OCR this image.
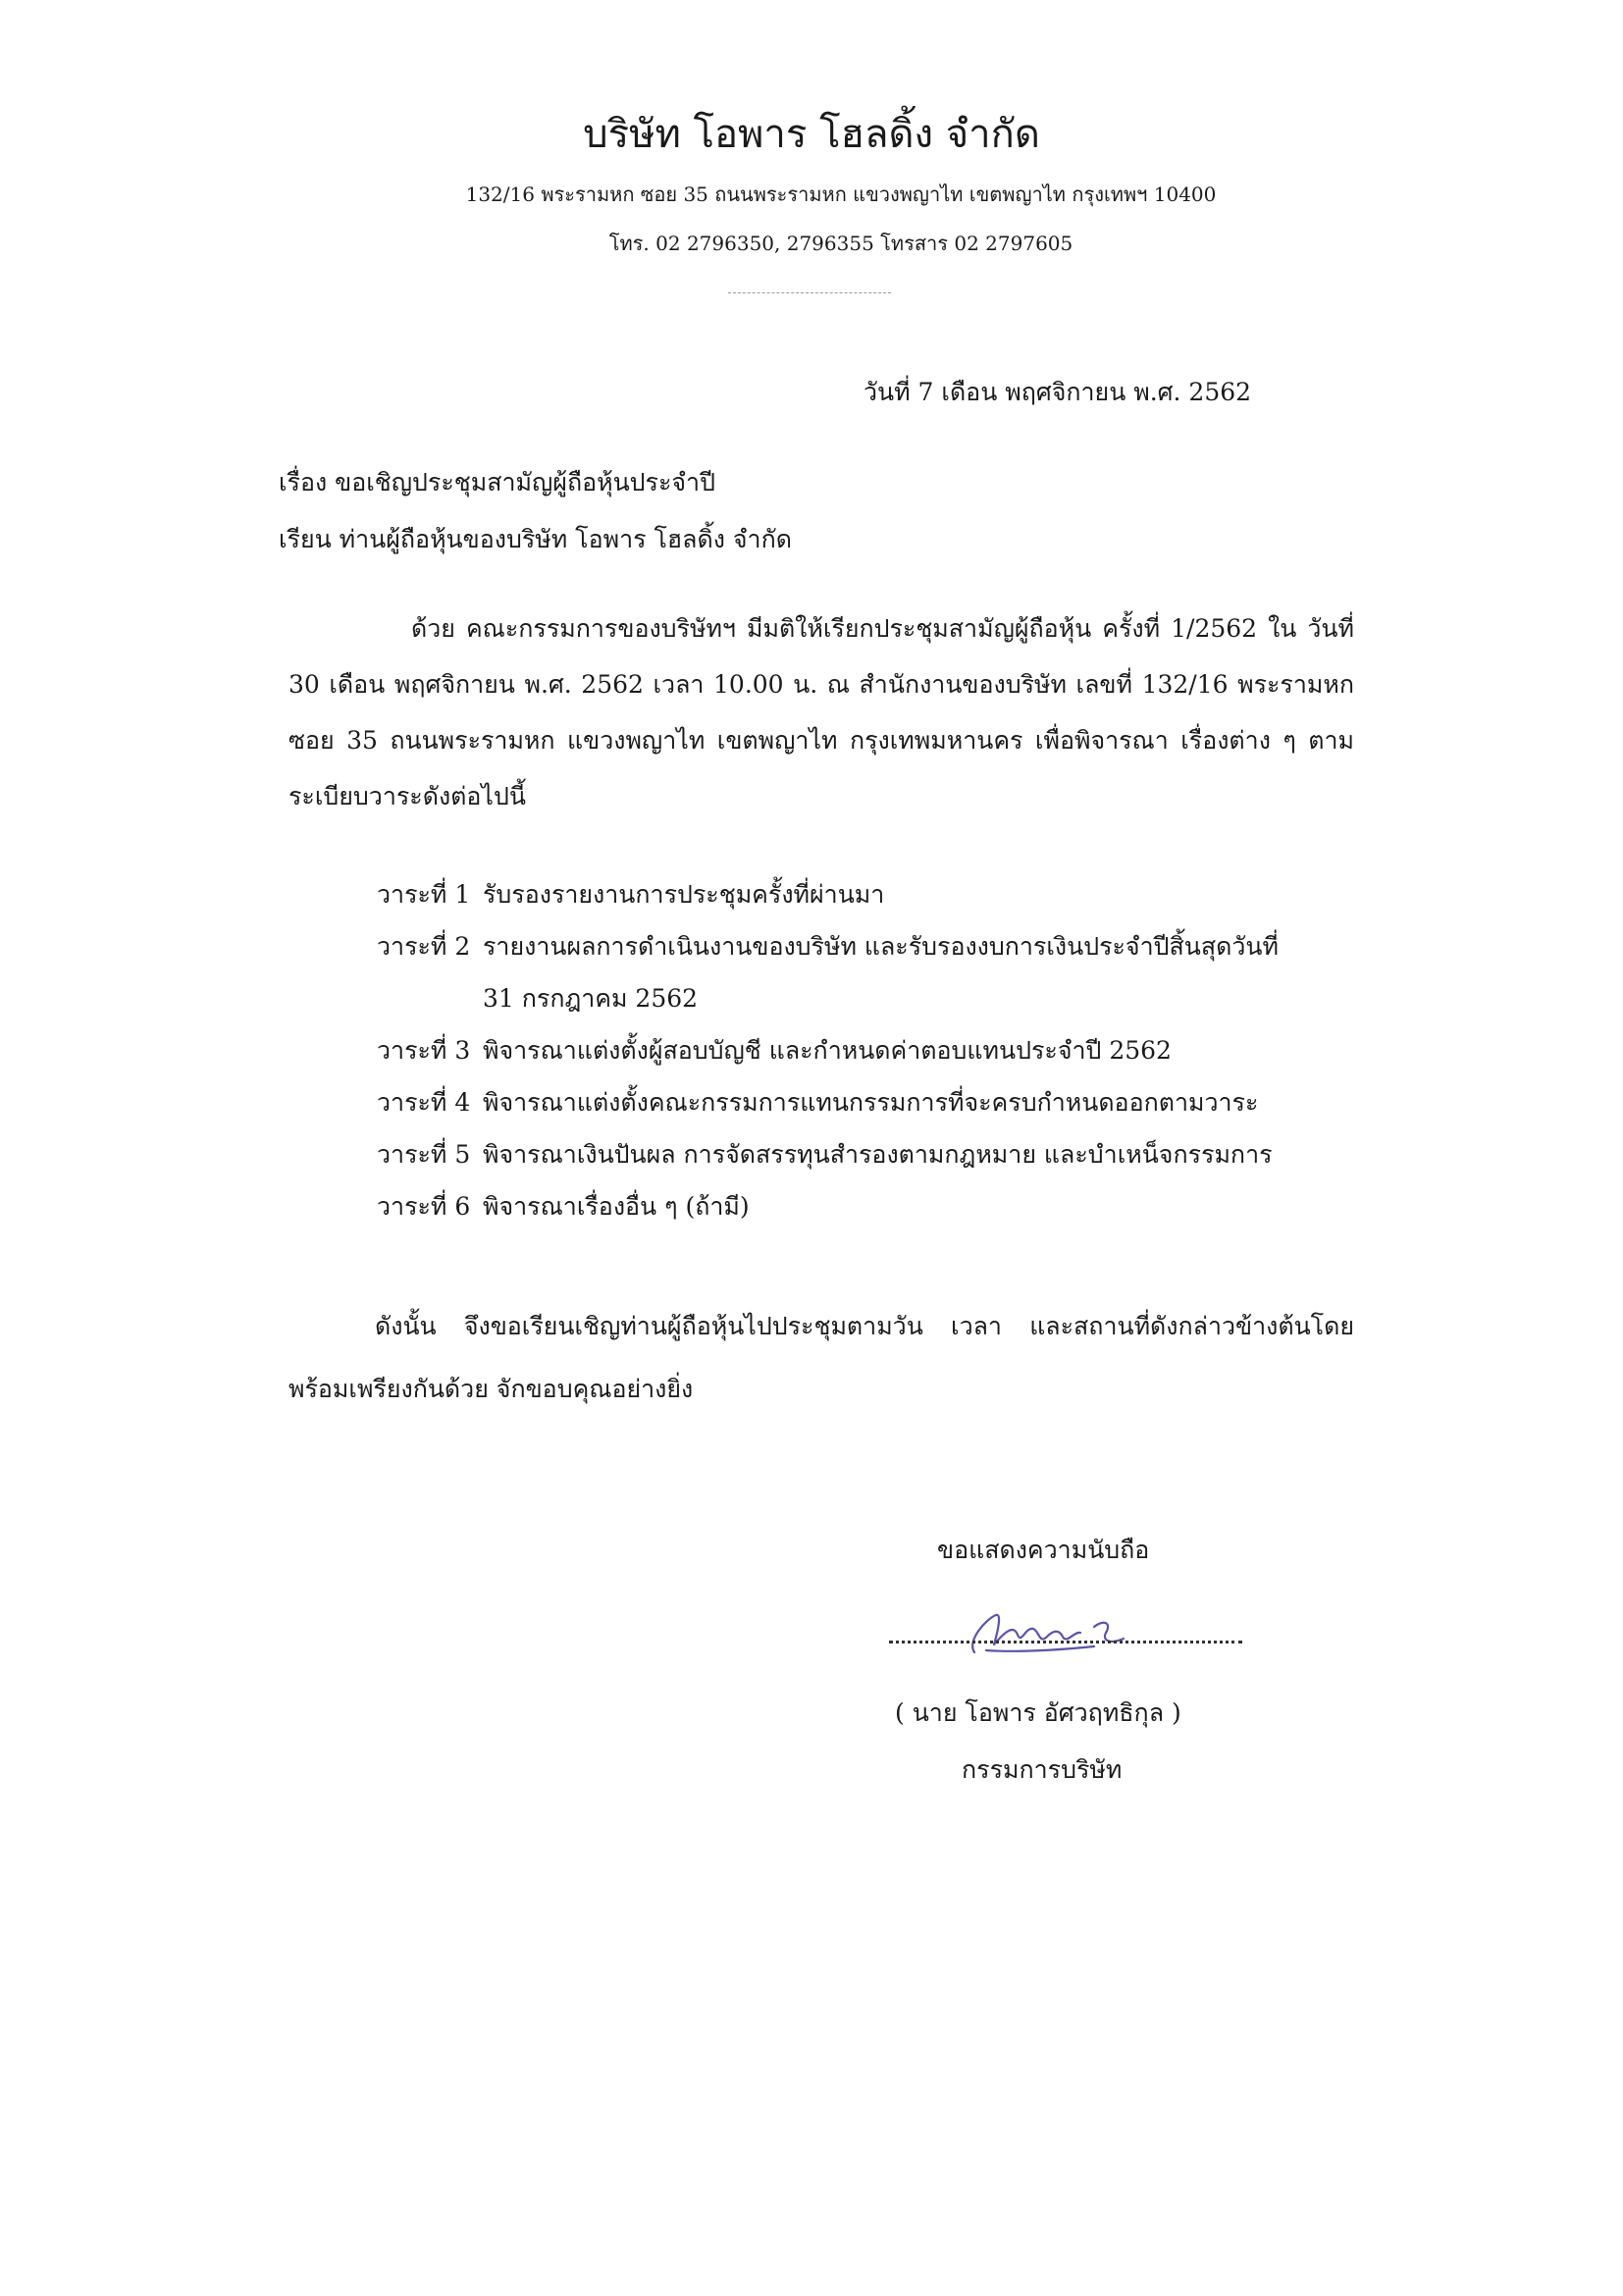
บริษัท โอพาร โฮลดิ้ง จำกัด
132/16 พระรามหก ซอย 35 ถนนพระรามหก แขวงพญาไท เขตพญาไท กรุงเทพฯ 10400
โทร. 02 2796350, 2796355 โทรสาร 02 2797605
วันที่ 7 เดือน พฤศจิกายน พ.ศ. 2562
เรื่อง ขอเชิญประชุมสามัญผู้ถือหุ้นประจำปี
เรียน ท่านผู้ถือหุ้นของบริษัท โอพาร โฮลดิ้ง จำกัด
ด้วย คณะกรรมการของบริษัทฯ มีมติให้เรียกประชุมสามัญผู้ถือหุ้น ครั้งที่ 1/2562 ใน วันที่ 30 เดือน พฤศจิกายน พ.ศ. 2562 เวลา 10.00 น. ณ สำนักงานของบริษัท เลขที่ 132/16 พระรามหก ซอย 35 ถนนพระรามหก แขวงพญาไท เขตพญาไท กรุงเทพมหานคร เพื่อพิจารณา เรื่องต่าง ๆ ตามระเบียบวาระดังต่อไปนี้
วาระที่ 1 รับรองรายงานการประชุมครั้งที่ผ่านมา
วาระที่ 2 รายงานผลการดำเนินงานของบริษัท และรับรองงบการเงินประจำปีสิ้นสุดวันที่
31 กรกฎาคม 2562
วาระที่ 3 พิจารณาแต่งตั้งผู้สอบบัญชี และกำหนดค่าตอบแทนประจำปี 2562
วาระที่ 4 พิจารณาแต่งตั้งคณะกรรมการแทนกรรมการที่จะครบกำหนดออกตามวาระ
วาระที่ 5 พิจารณาเงินปันผล การจัดสรรทุนสำรองตามกฎหมาย และบำเหน็จกรรมการ
วาระที่ 6 พิจารณาเรื่องอื่น ๆ (ถ้ามี)
ดังนั้น จึงขอเรียนเชิญท่านผู้ถือหุ้นไปประชุมตามวัน เวลา และสถานที่ดังกล่าวข้างต้นโดย พร้อมเพรียงกันด้วย จักขอบคุณอย่างยิ่ง
ขอแสดงความนับถือ
( นาย โอพาร อัศวฤทธิกุล )
กรรมการบริษัท
